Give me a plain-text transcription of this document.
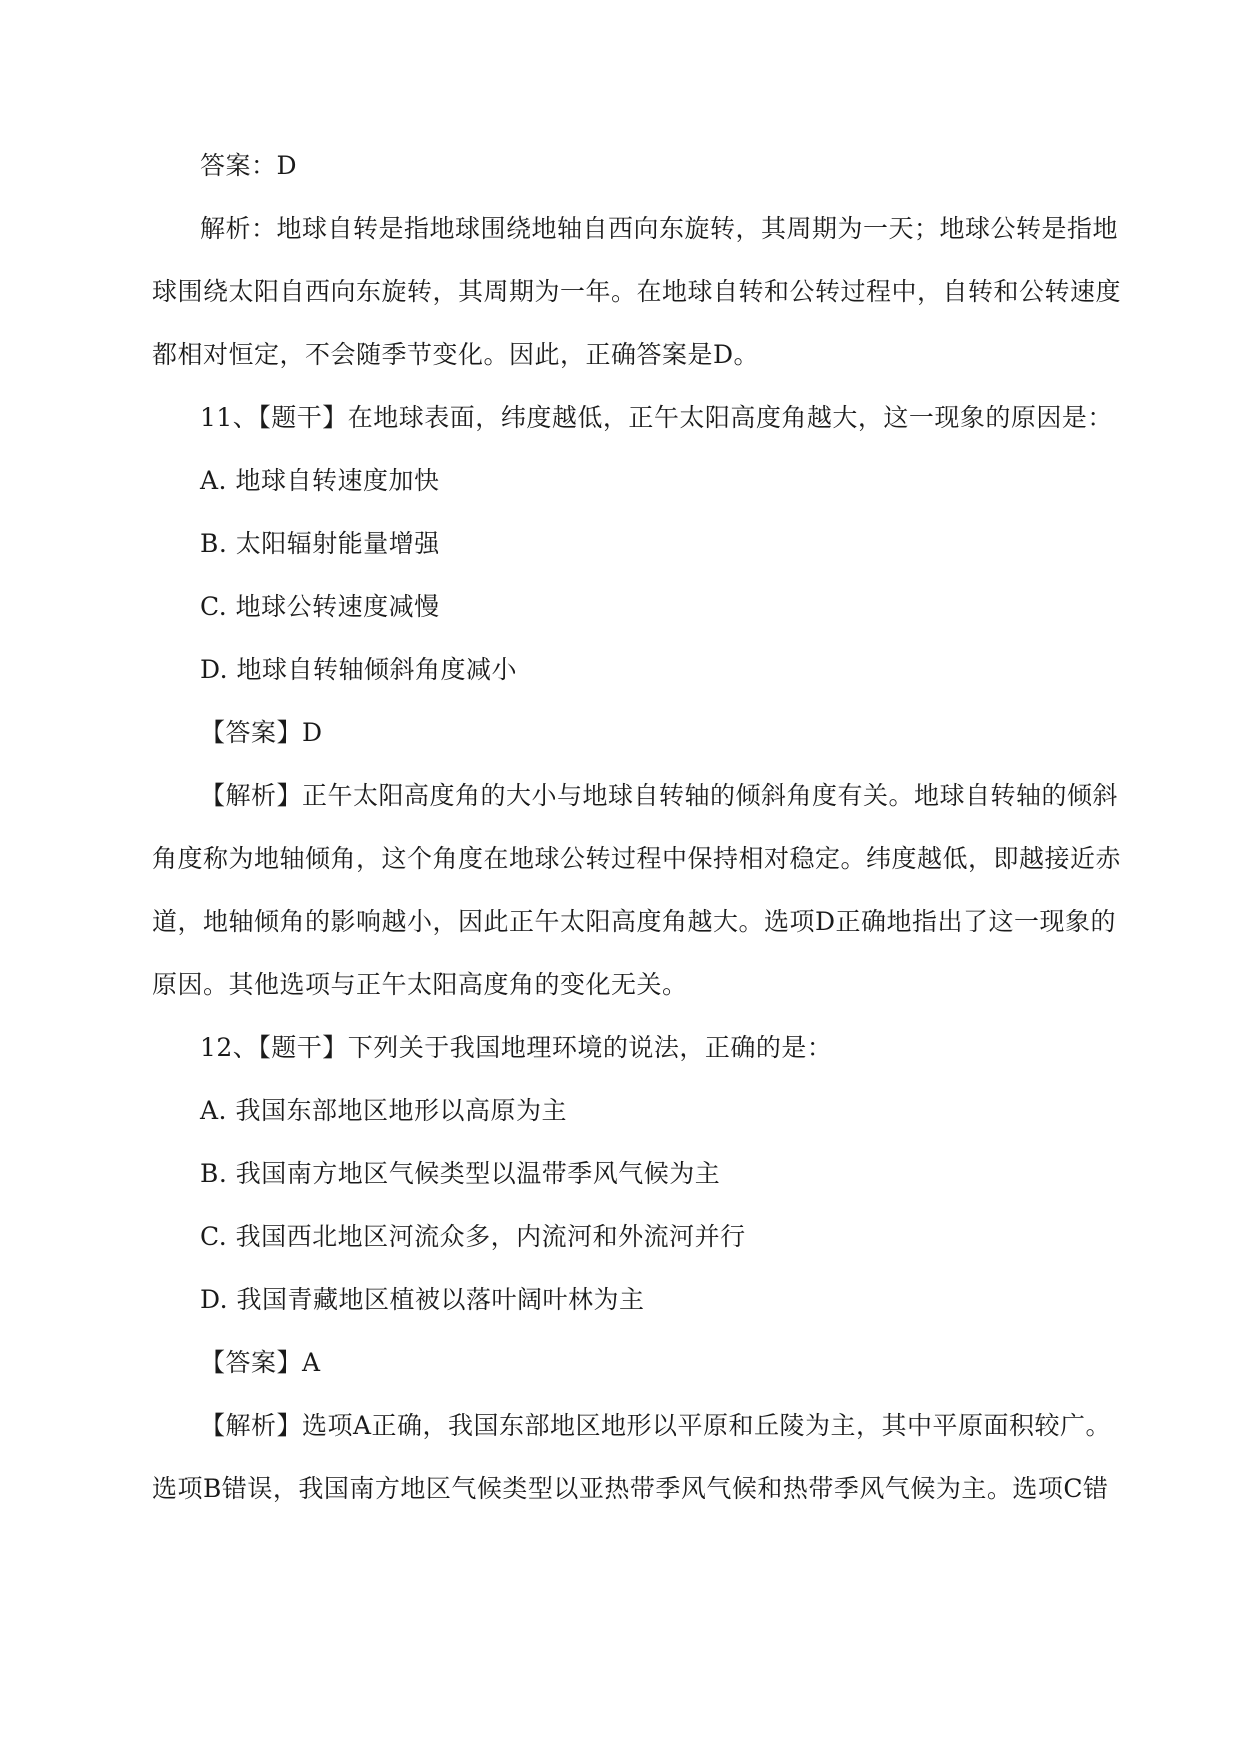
答案：D
解析：地球自转是指地球围绕地轴自西向东旋转，其周期为一天；地球公转是指地
球围绕太阳自西向东旋转，其周期为一年。在地球自转和公转过程中，自转和公转速度
都相对恒定，不会随季节变化。因此，正确答案是D。
11、【题干】在地球表面，纬度越低，正午太阳高度角越大，这一现象的原因是：
A. 地球自转速度加快
B. 太阳辐射能量增强
C. 地球公转速度减慢
D. 地球自转轴倾斜角度减小
【答案】D
【解析】正午太阳高度角的大小与地球自转轴的倾斜角度有关。地球自转轴的倾斜
角度称为地轴倾角，这个角度在地球公转过程中保持相对稳定。纬度越低，即越接近赤
道，地轴倾角的影响越小，因此正午太阳高度角越大。选项D正确地指出了这一现象的
原因。其他选项与正午太阳高度角的变化无关。
12、【题干】下列关于我国地理环境的说法，正确的是：
A. 我国东部地区地形以高原为主
B. 我国南方地区气候类型以温带季风气候为主
C. 我国西北地区河流众多，内流河和外流河并行
D. 我国青藏地区植被以落叶阔叶林为主
【答案】A
【解析】选项A正确，我国东部地区地形以平原和丘陵为主，其中平原面积较广。
选项B错误，我国南方地区气候类型以亚热带季风气候和热带季风气候为主。选项C错
